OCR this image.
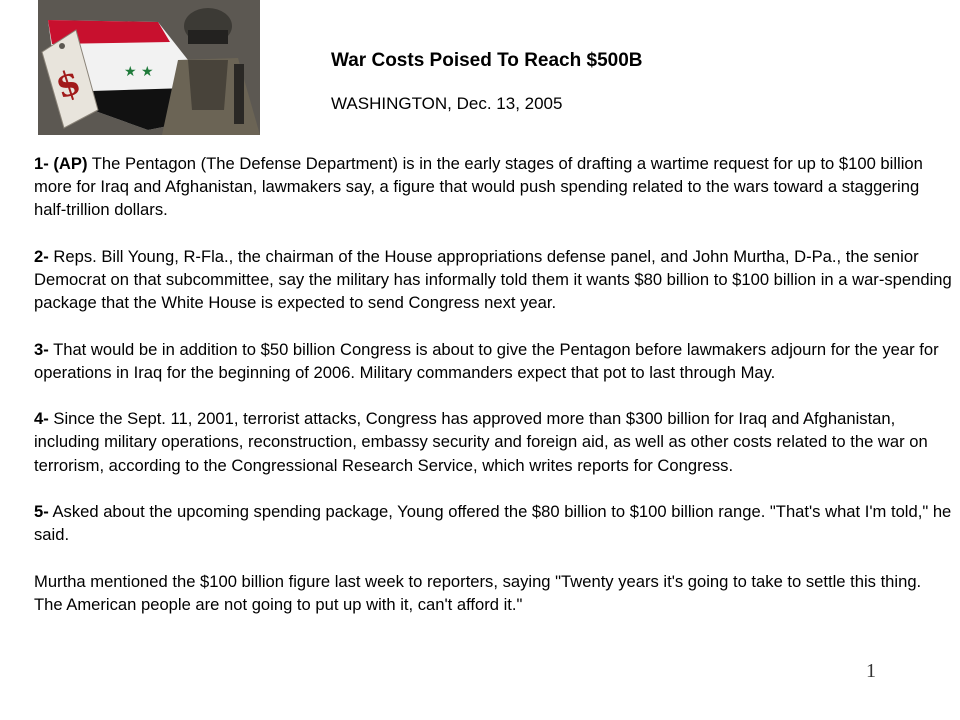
★ ★
$
War Costs Poised To Reach $500B
WASHINGTON, Dec. 13, 2005

1- (AP) The Pentagon (The Defense Department) is in the early stages of drafting a wartime request for up to $100 billion more for Iraq and Afghanistan, lawmakers say, a figure that would push spending related to the wars toward a staggering half-trillion dollars.

2- Reps. Bill Young, R-Fla., the chairman of the House appropriations defense panel, and John Murtha, D-Pa., the senior Democrat on that subcommittee, say the military has informally told them it wants $80 billion to $100 billion in a war-spending package that the White House is expected to send Congress next year.

3- That would be in addition to $50 billion Congress is about to give the Pentagon before lawmakers adjourn for the year for operations in Iraq for the beginning of 2006. Military commanders expect that pot to last through May.

4- Since the Sept. 11, 2001, terrorist attacks, Congress has approved more than $300 billion for Iraq and Afghanistan, including military operations, reconstruction, embassy security and foreign aid, as well as other costs related to the war on terrorism, according to the Congressional Research Service, which writes reports for Congress.

5- Asked about the upcoming spending package, Young offered the $80 billion to $100 billion range. "That's what I'm told," he said.

Murtha mentioned the $100 billion figure last week to reporters, saying "Twenty years it's going to take to settle this thing. The American people are not going to put up with it, can't afford it."

1
